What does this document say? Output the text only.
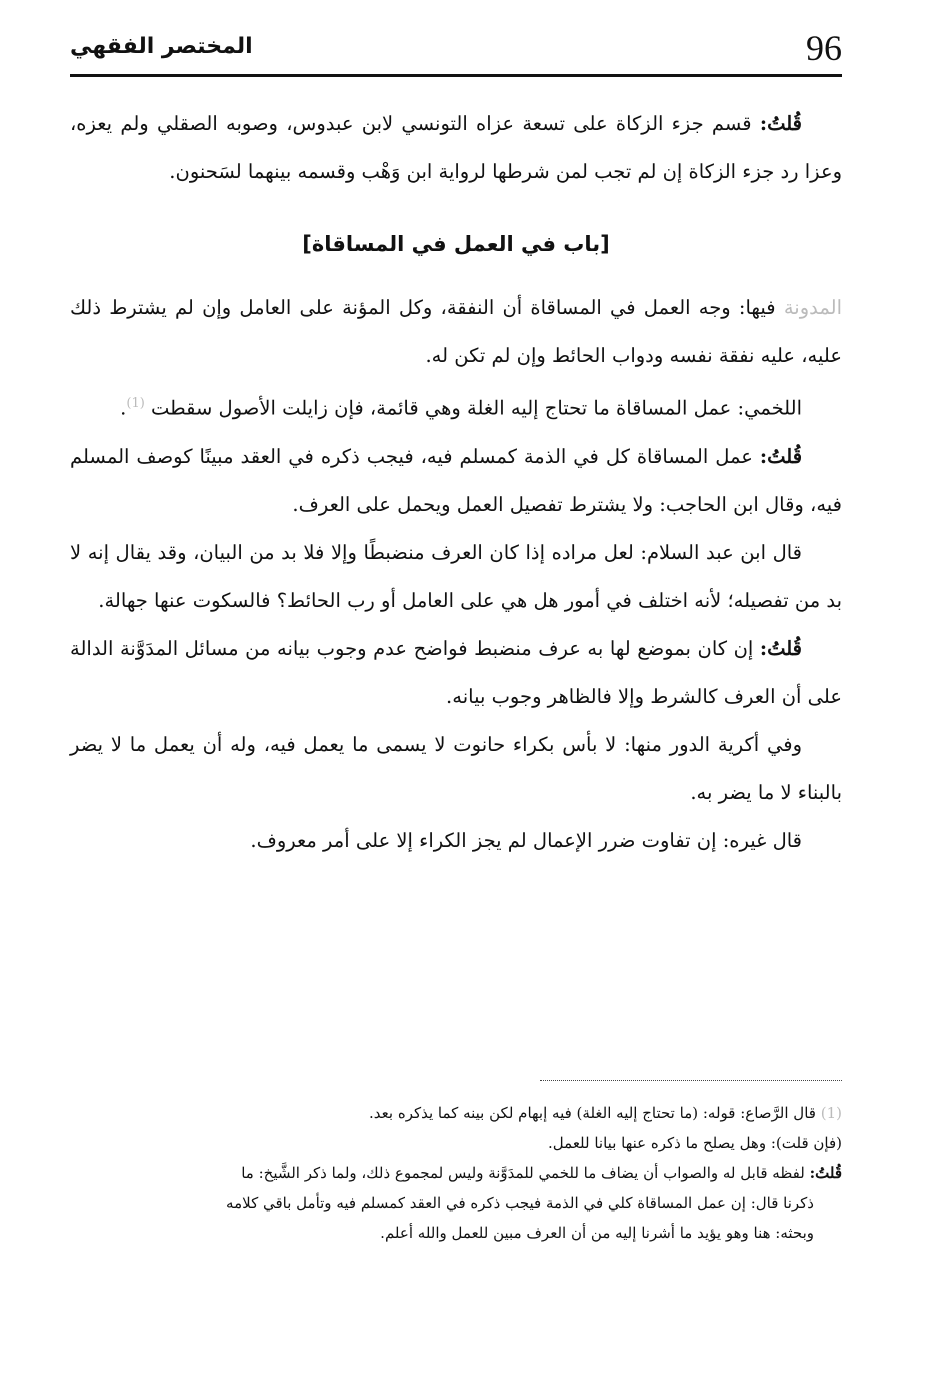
96
المختصر الفقهي

قُلتُ: قسم جزء الزكاة على تسعة عزاه التونسي لابن عبدوس، وصوبه الصقلي ولم يعزه، وعزا رد جزء الزكاة إن لم تجب لمن شرطها لرواية ابن وَهْب وقسمه بينهما لسَحنون.

[باب في العمل في المساقاة]

المدونة فيها: وجه العمل في المساقاة أن النفقة، وكل المؤنة على العامل وإن لم يشترط ذلك عليه، عليه نفقة نفسه ودواب الحائط وإن لم تكن له.

اللخمي: عمل المساقاة ما تحتاج إليه الغلة وهي قائمة، فإن زايلت الأصول سقطت $^{(1)}$.

قُلتُ: عمل المساقاة كل في الذمة كمسلم فيه، فيجب ذكره في العقد مبينًا كوصف المسلم فيه، وقال ابن الحاجب: ولا يشترط تفصيل العمل ويحمل على العرف.

قال ابن عبد السلام: لعل مراده إذا كان العرف منضبطًا وإلا فلا بد من البيان، وقد يقال إنه لا بد من تفصيله؛ لأنه اختلف في أمور هل هي على العامل أو رب الحائط؟ فالسكوت عنها جهالة.

قُلتُ: إن كان بموضع لها به عرف منضبط فواضح عدم وجوب بيانه من مسائل المدَوَّنة الدالة على أن العرف كالشرط وإلا فالظاهر وجوب بيانه.

وفي أكرية الدور منها: لا بأس بكراء حانوت لا يسمى ما يعمل فيه، وله أن يعمل ما لا يضر بالبناء لا ما يضر به.

قال غيره: إن تفاوت ضرر الإعمال لم يجز الكراء إلا على أمر معروف.

(1) قال الرَّصاع: قوله: (ما تحتاج إليه الغلة) فيه إبهام لكن بينه كما يذكره بعد.

(فإن قلت): وهل يصلح ما ذكره عنها بيانا للعمل.

قُلتُ: لفظه قابل له والصواب أن يضاف ما للخمي للمدَوَّنة وليس لمجموع ذلك، ولما ذكر الشَّيخ: ما

ذكرنا قال: إن عمل المساقاة كلي في الذمة فيجب ذكره في العقد كمسلم فيه وتأمل باقي كلامه

وبحثه: هنا وهو يؤيد ما أشرنا إليه من أن العرف مبين للعمل والله أعلم.
